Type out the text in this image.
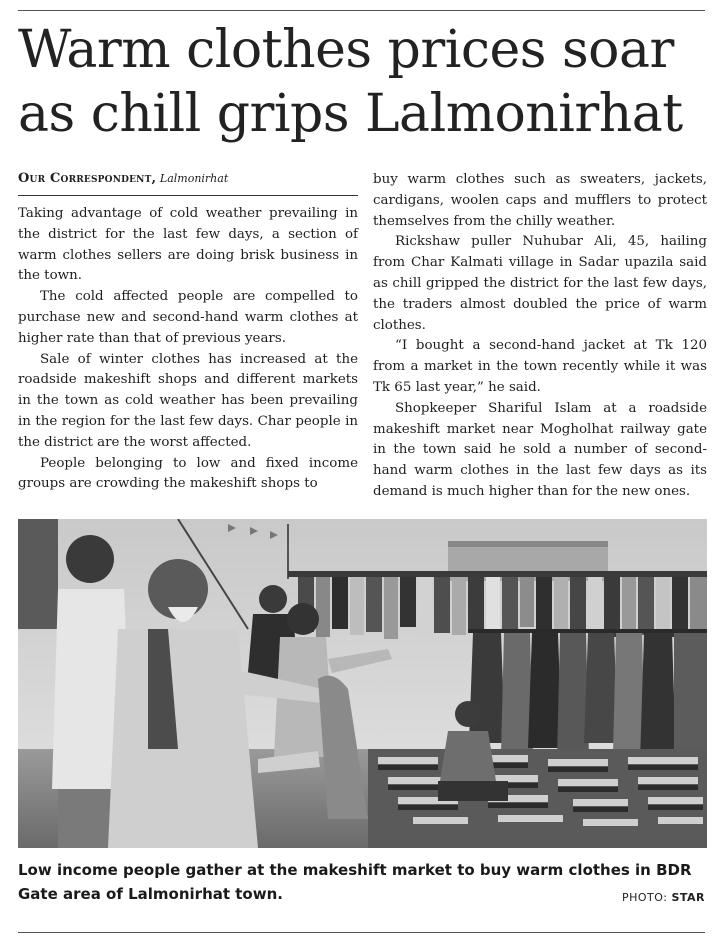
Warm clothes prices soar
as chill grips Lalmonirhat
Our Correspondent, Lalmonirhat

Taking advantage of cold weather prevailing in the district for the last few days, a section of warm clothes sellers are doing brisk business in the town.

The cold affected people are compelled to purchase new and second-hand warm clothes at higher rate than that of previous years.

Sale of winter clothes has increased at the roadside makeshift shops and different markets in the town as cold weather has been prevailing in the region for the last few days. Char people in the district are the worst affected.

People belonging to low and fixed income groups are crowding the makeshift shops to

buy warm clothes such as sweaters, jackets, cardigans, woolen caps and mufflers to protect themselves from the chilly weather.

Rickshaw puller Nuhubar Ali, 45, hailing from Char Kalmati village in Sadar upazila said as chill gripped the district for the last few days, the traders almost doubled the price of warm clothes.

“I bought a second-hand jacket at Tk 120 from a market in the town recently while it was Tk 65 last year,” he said.

Shopkeeper Shariful Islam at a roadside makeshift market near Mogholhat railway gate in the town said he sold a number of second-hand warm clothes in the last few days as its demand is much higher than for the new ones.

Low income people gather at the makeshift market to buy warm clothes in BDR Gate area of Lalmonirhat town.	PHOTO: STAR
